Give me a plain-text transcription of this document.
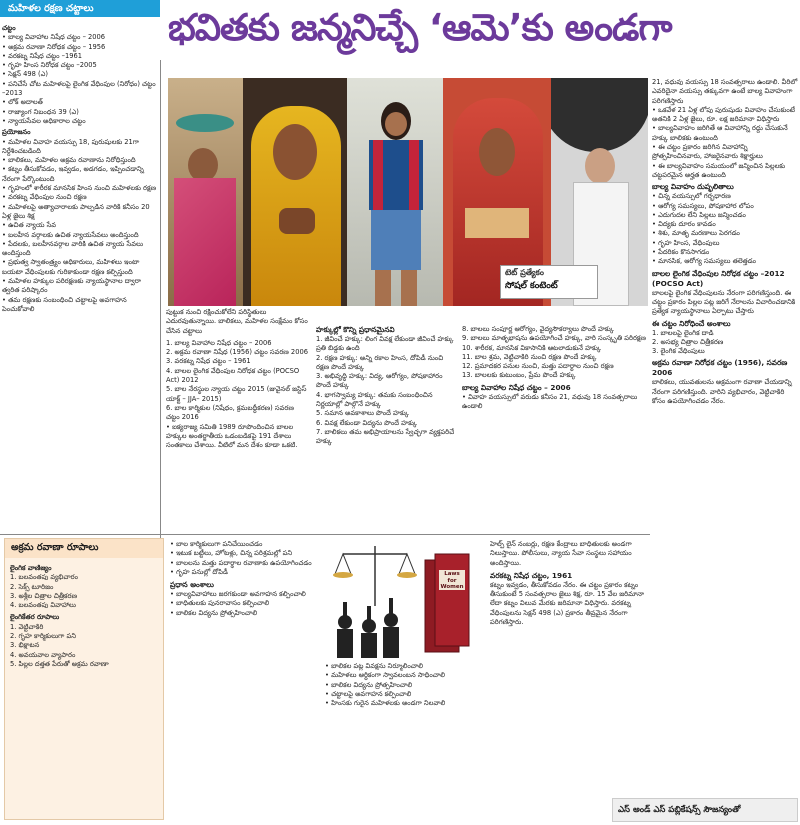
మహిళల రక్షణ చట్టాలు	భవితకు జన్మనిచ్చే ‘ఆమె’కు అండగా
చట్టం
• బాల్య వివాహాల నిషేధ చట్టం – 2006
• అక్రమ రవాణా నిరోధక చట్టం – 1956
• వరకట్న నిషేధ చట్టం –1961
• గృహ హింస నిరోధక చట్టం –2005
• సెక్షన్ 498 (ఎ)
• పనిచేసే చోట మహిళలపై లైంగిక వేధింపుల (నిరోధం) చట్టం –2013
• లోక్ అదాలత్
• రాజ్యాంగ నిబంధన 39 (ఎ)
• న్యాయసేవల అధికారాల చట్టం
ప్రయోజనం
• మహిళల వివాహ వయస్సు 18, పురుషులకు 21గా నిర్దేశించబడింది
• బాలికలు, మహిళల అక్రమ రవాణాను నిరోధిస్తుంది
• కట్నం తీసుకోవడం, ఇవ్వడం, అడగడం, ఇప్పించడాన్ని నేరంగా పేర్కొంటుంది
• గృహంలో శారీరక మానసిక హింస నుంచి మహిళలకు రక్షణ
• వరకట్న వేధింపుల నుంచి రక్షణ
• మహిళలపై అత్యాచారాలకు పాల్పడిన వారికి కనీసం 20 ఏళ్ల జైలు శిక్ష
• ఉచిత న్యాయ సేవ
• బలహీన వర్గాలకు ఉచిత న్యాయసేవలు అందిస్తుంది
• పేదలకు, బలహీనవర్గాల వారికి ఉచిత న్యాయ సేవలు అందిస్తుంది
• ప్రభుత్వ స్వాతంత్ర్యం అధికారులు, మహిళలు ఇంటా బయటా వేధింపులకు గురికాకుండా రక్షణ కల్పిస్తుంది
• మహిళల హక్కుల పరిరక్షణకు న్యాయస్థానాల ద్వారా త్వరిత పరిష్కారం
• తమ రక్షణకు సంబంధించి చట్టాలపై అవగాహన పెంచుకోవాలి
టెట్ ప్రత్యేకం
సోషల్ కంటెంట్
పుట్టుక నుంచి రక్షించుకోలేని పరిస్థితులు ఎదురవుతున్నాయి. బాలికలు, మహిళల సంక్షేమం కోసం చేసిన చట్టాలు
1. బాల్య వివాహాల నిషేధ చట్టం – 2006
2. అక్రమ రవాణా నిషేధ (1956) చట్టం సవరణ 2006
3. వరకట్న నిషేధ చట్టం – 1961
4. బాలల లైంగిక వేధింపుల నిరోధక చట్టం (POCSO Act) 2012
5. బాల నేరస్థుల న్యాయ చట్టం 2015 (జువైనల్ జస్టిస్ యాక్ట్ – JJA– 2015)
6. బాల కార్మికుల (నిషేధం, క్రమబద్ధీకరణ) సవరణ చట్టం 2016
• ఐక్యరాజ్య సమితి 1989 రూపొందించిన బాలల హక్కుల అంతర్జాతీయ ఒడంబడికపై 191 దేశాలు సంతకాలు చేశాయి. వీటిలో మన దేశం కూడా ఒకటి.
హక్కుల్లో కొన్ని ప్రధానమైనవి
1. జీవించే హక్కు: లింగ వివక్ష లేకుండా జీవించే హక్కు ప్రతి బిడ్డకు ఉంది
2. రక్షణ హక్కు: అన్ని రకాల హింస, దోపిడీ నుంచి రక్షణ పొందే హక్కు
3. అభివృద్ధి హక్కు: విద్య, ఆరోగ్యం, పోషకాహారం పొందే హక్కు
4. భాగస్వామ్య హక్కు: తమకు సంబంధించిన నిర్ణయాల్లో పాల్గొనే హక్కు
5. సమాన అవకాశాలు పొందే హక్కు
6. వివక్ష లేకుండా విద్యను పొందే హక్కు
7. బాలికలు తమ అభిప్రాయాలను స్వేచ్ఛగా వ్యక్తపరిచే హక్కు
8. బాలలు సంపూర్ణ ఆరోగ్యం, వైద్యసౌకర్యాలు పొందే హక్కు
9. బాలలు మాతృభాషను ఉపయోగించే హక్కు, వారి సంస్కృతి పరిరక్షణ
10. శారీరక, మానసిక వికాసానికి ఆటలాడుకునే హక్కు
11. బాల శ్రమ, వెట్టిచాకిరి నుంచి రక్షణ పొందే హక్కు
12. ప్రమాదకర పనుల నుంచి, మత్తు పదార్థాల నుంచి రక్షణ
13. బాలలకు కుటుంబం, ప్రేమ పొందే హక్కు
బాల్య వివాహాల నిషేధ చట్టం – 2006
• వివాహ వయస్సులో వరుడు కనీసం 21, వధువు 18 సంవత్సరాలు ఉండాలి
21, వధువు వయస్సు 18 సంవత్సరాలు ఉండాలి. వీరిలో ఎవరిదైనా వయస్సు తక్కువగా ఉంటే బాల్య వివాహంగా పరిగణిస్తారు
• ఒకవేళ 21 ఏళ్ల లోపు పురుషుడు వివాహం చేసుకుంటే అతనికి 2 ఏళ్ల జైలు, రూ. లక్ష జరిమానా విధిస్తారు
• బాల్యవివాహం జరిగితే ఆ వివాహాన్ని రద్దు చేసుకునే హక్కు బాలికకు ఉంటుంది
• ఈ చట్టం ప్రకారం జరిగిన వివాహాన్ని ప్రోత్సహించినవారు, హాజరైనవారు శిక్షార్హులు
• ఈ బాల్యవివాహం సమయంలో జన్మించిన పిల్లలకు చట్టపరమైన అర్హత ఉంటుంది
బాల్య వివాహం దుష్ఫలితాలు
• చిన్న వయస్సులో గర్భధారణ
• ఆరోగ్య సమస్యలు, పోషకాహార లోపం
• ఎదుగుదల లేని పిల్లలు జన్మించడం
• విద్యకు దూరం కావడం
• శిశు, మాతృ మరణాలు పెరగడం
• గృహ హింస, వేధింపులు
• పేదరికం కొనసాగడం
• మానసిక, ఆరోగ్య సమస్యలు తలెత్తడం
బాలల లైంగిక వేధింపుల నిరోధక చట్టం –2012 (POCSO Act)
బాలలపై లైంగిక వేధింపులను నేరంగా పరిగణిస్తుంది. ఈ చట్టం ప్రకారం పిల్లల పట్ల జరిగే నేరాలను విచారించడానికి ప్రత్యేక న్యాయస్థానాలు ఏర్పాటు చేస్తారు
ఈ చట్టం నిరోధించే అంశాలు
1. బాలలపై లైంగిక దాడి
2. అసభ్య చిత్రాల చిత్రీకరణ
3. లైంగిక వేధింపులు
అక్రమ రవాణా నిరోధక చట్టం (1956), సవరణ 2006
బాలికలు, యువతులను అక్రమంగా రవాణా చేయడాన్ని నేరంగా పరిగణిస్తుంది. వారిని వ్యభిచారం, వెట్టిచాకిరి కోసం ఉపయోగించడం నేరం.
అక్రమ రవాణా రూపాలు
లైంగిక వాణిజ్యం
1. బలవంతపు వ్యభిచారం
2. సెక్స్ టూరిజం
3. అశ్లీల చిత్రాల చిత్రీకరణ
4. బలవంతపు వివాహాలు
లైంగికేతర రూపాలు
1. వెట్టిచాకిరి
2. గృహ కార్మికులుగా పని
3. భిక్షాటన
4. అవయవాల వ్యాపారం
5. పిల్లల దత్తత పేరుతో అక్రమ రవాణా
• బాల కార్మికులుగా పనిచేయించడం
• ఇటుక బట్టీలు, హోటళ్లు, చిన్న పరిశ్రమల్లో పని
• బాలలను మత్తు పదార్థాల రవాణాకు ఉపయోగించడం
• గృహ పనుల్లో దోపిడీ
ప్రధాన అంశాలు
• బాల్యవివాహాలు జరగకుండా అవగాహన కల్పించాలి
• బాధితులకు పునరావాసం కల్పించాలి
• బాలికల విద్యను ప్రోత్సహించాలి
Laws for Women
హెల్ప్ లైన్ నంబర్లు, రక్షణ కేంద్రాలు బాధితులకు అండగా నిలుస్తాయి. పోలీసులు, న్యాయ సేవా సంస్థలు సహాయం అందిస్తాయి.
వరకట్న నిషేధ చట్టం, 1961
కట్నం ఇవ్వడం, తీసుకోవడం నేరం. ఈ చట్టం ప్రకారం కట్నం తీసుకుంటే 5 సంవత్సరాల జైలు శిక్ష, రూ. 15 వేల జరిమానా లేదా కట్నం విలువ మేరకు జరిమానా విధిస్తారు. వరకట్న వేధింపులను సెక్షన్ 498 (ఎ) ప్రకారం తీవ్రమైన నేరంగా పరిగణిస్తారు.
• బాలికల పట్ల వివక్షను నిర్మూలించాలి
• మహిళలు ఆర్థికంగా స్వావలంబన సాధించాలి
• బాలికల విద్యను ప్రోత్సహించాలి
• చట్టాలపై అవగాహన కల్పించాలి
• హింసకు గురైన మహిళలకు అండగా నిలవాలి
ఎస్ అండ్ ఎస్ పబ్లికేషన్స్ సౌజన్యంతో
